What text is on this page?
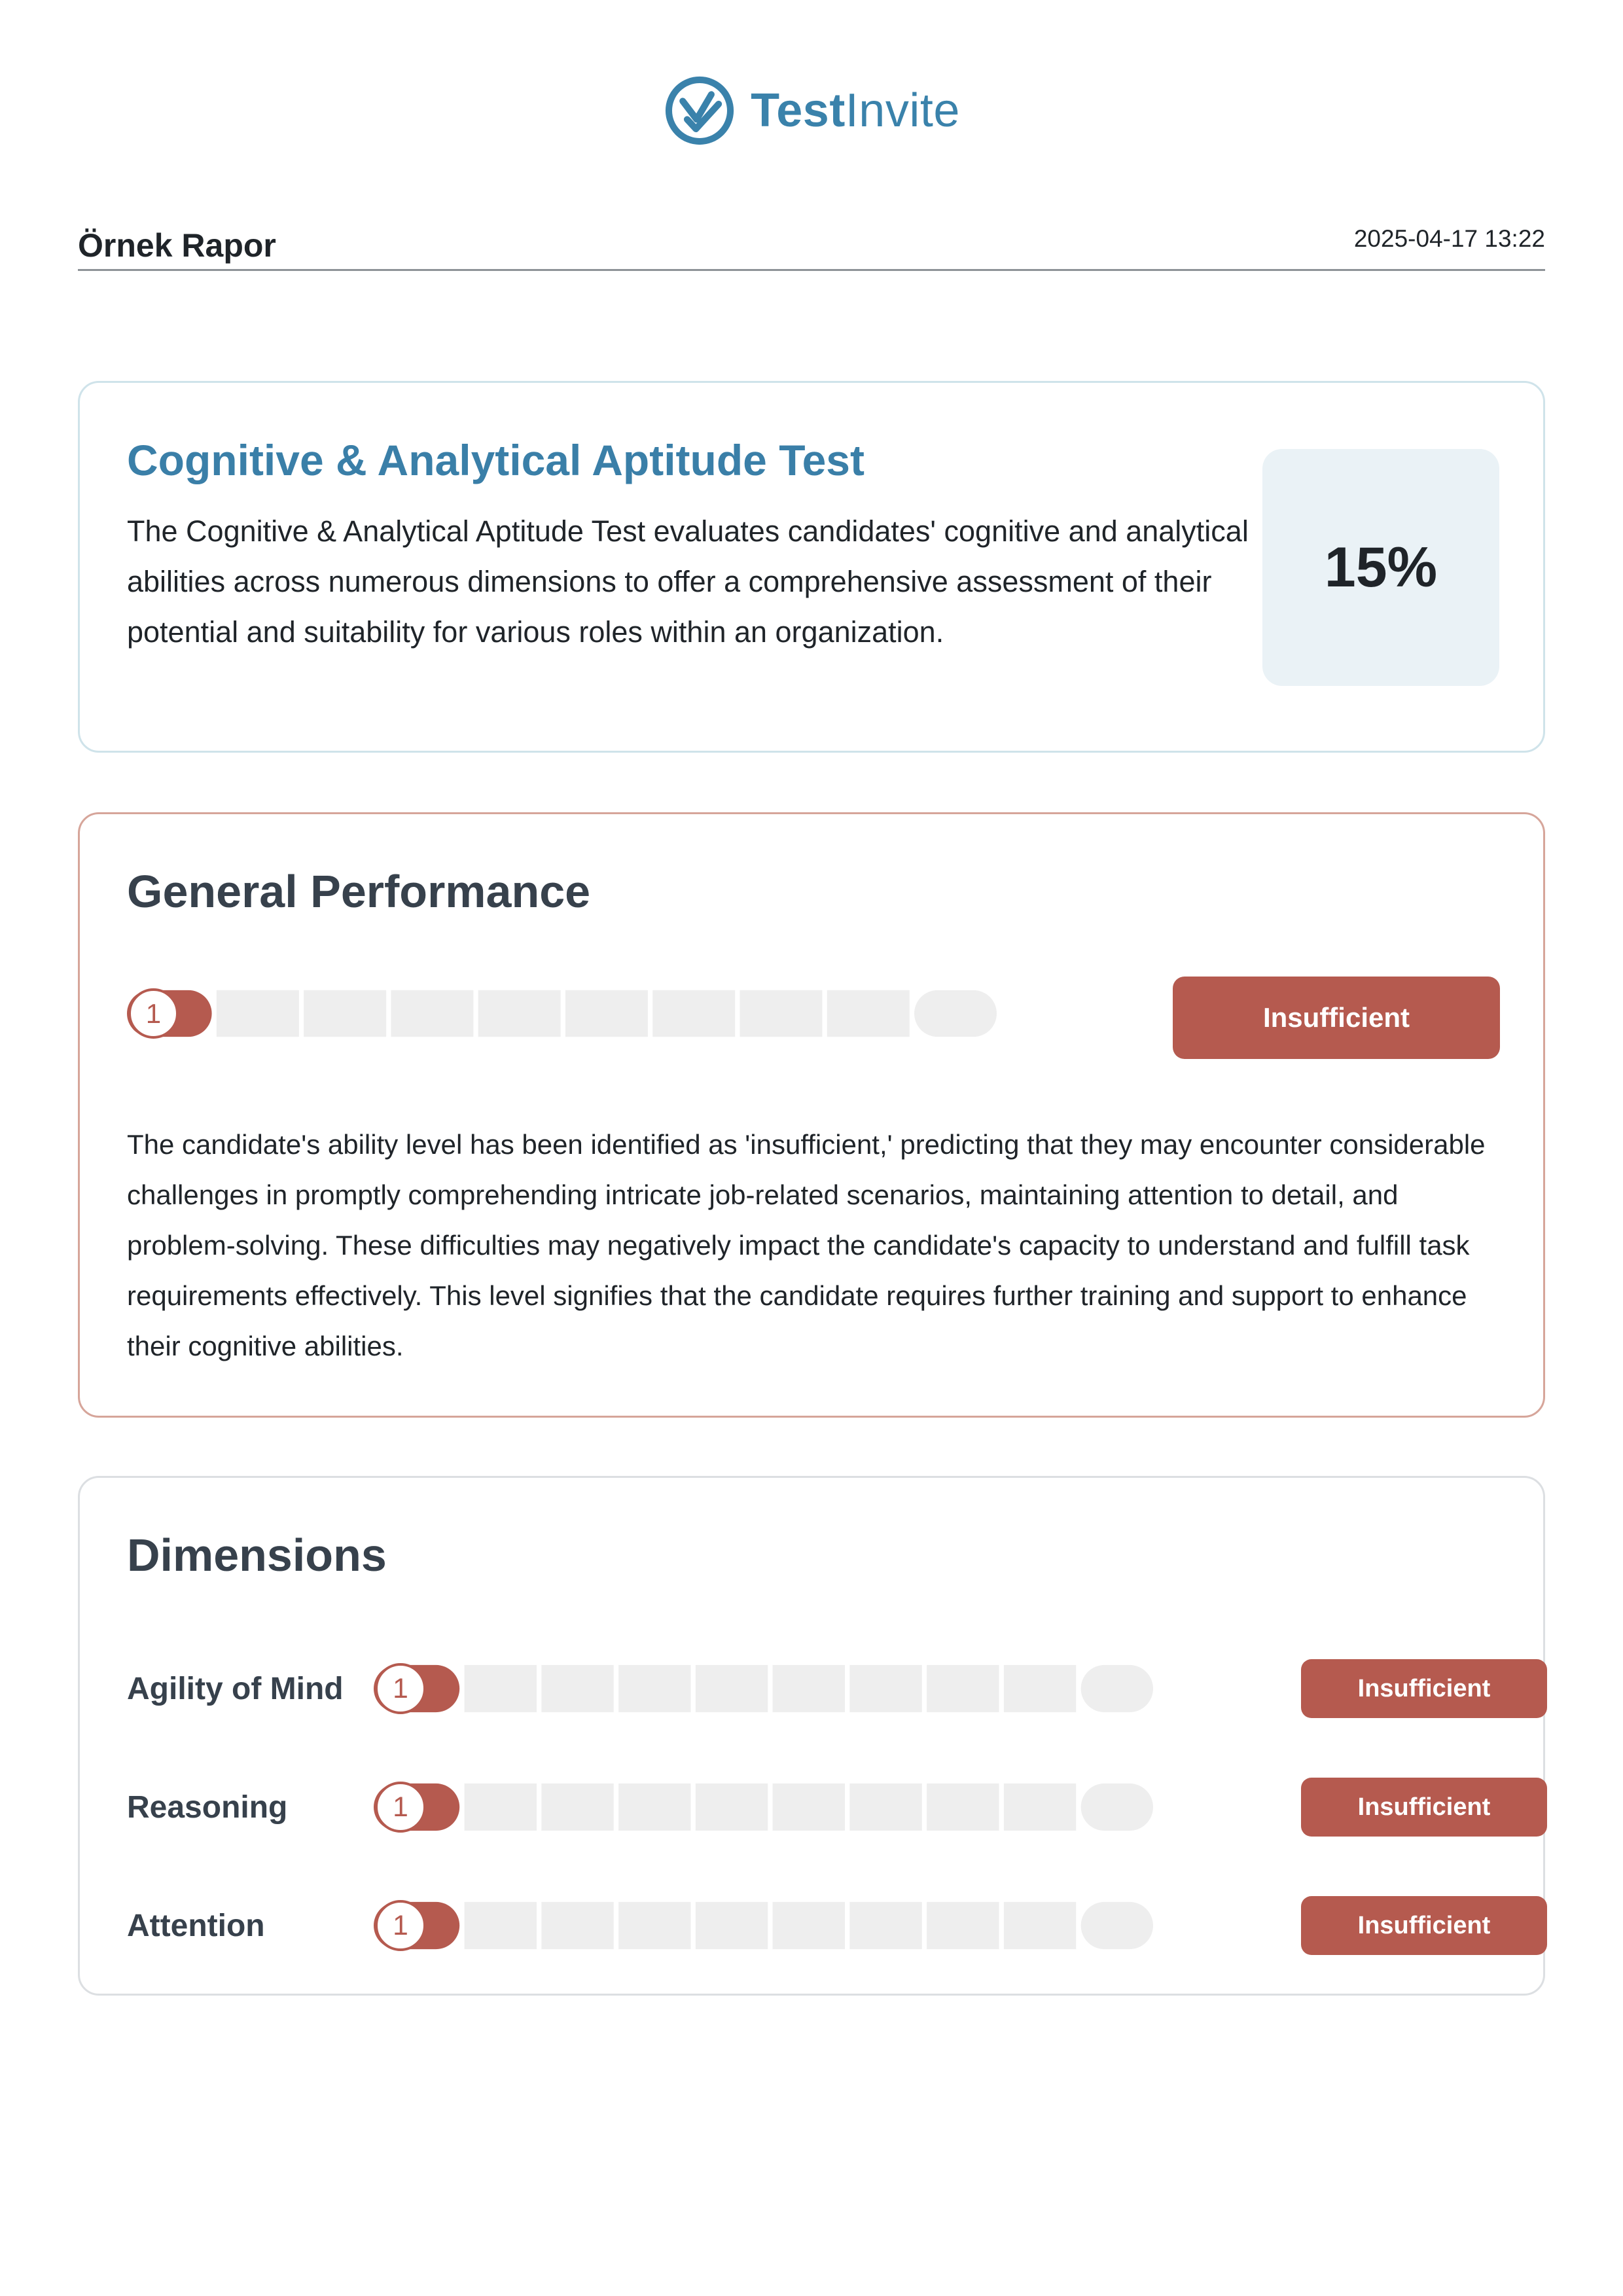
TestInvite
Örnek Rapor	2025-04-17 13:22
Cognitive & Analytical Aptitude Test
The Cognitive & Analytical Aptitude Test evaluates candidates' cognitive and analytical abilities across numerous dimensions to offer a comprehensive assessment of their potential and suitability for various roles within an organization.
15%
General Performance
1	Insufficient
The candidate's ability level has been identified as 'insufficient,' predicting that they may encounter considerable challenges in promptly comprehending intricate job-related scenarios, maintaining attention to detail, and problem-solving. These difficulties may negatively impact the candidate's capacity to understand and fulfill task requirements effectively. This level signifies that the candidate requires further training and support to enhance their cognitive abilities.
Dimensions
Agility of Mind 1	Insufficient
Reasoning	1	Insufficient
Attention	1	Insufficient
